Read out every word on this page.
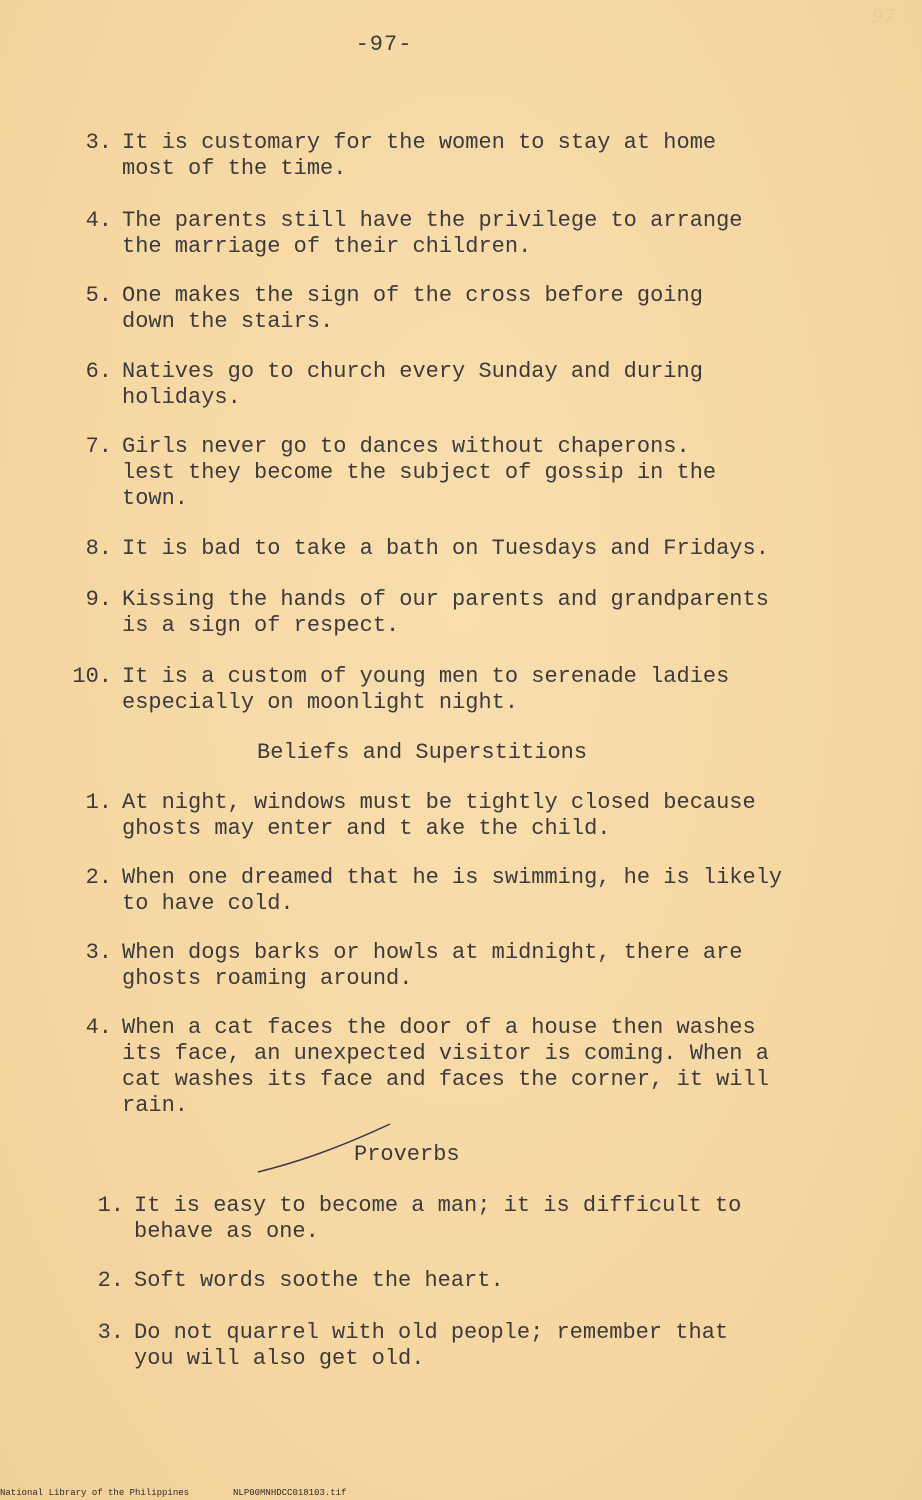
-97-
97
3. It is customary for the women to stay at home
most of the time.
4. The parents still have the privilege to arrange
the marriage of their children.
5. One makes the sign of the cross before going
down the stairs.
6. Natives go to church every Sunday and during
holidays.
7. Girls never go to dances without chaperons.
lest they become the subject of gossip in the
town.
8. It is bad to take a bath on Tuesdays and Fridays.
9. Kissing the hands of our parents and grandparents
is a sign of respect.
10. It is a custom of young men to serenade ladies
especially on moonlight night.
Beliefs and Superstitions
1. At night, windows must be tightly closed because
ghosts may enter and t ake the child.
2. When one dreamed that he is swimming, he is likely
to have cold.
3. When dogs barks or howls at midnight, there are
ghosts roaming around.
4. When a cat faces the door of a house then washes
its face, an unexpected visitor is coming. When a
cat washes its face and faces the corner, it will
rain.
Proverbs
1. It is easy to become a man; it is difficult to
behave as one.
2. Soft words soothe the heart.
3. Do not quarrel with old people; remember that
you will also get old.
National Library of the Philippines	NLP00MNHDCC018103.tif
